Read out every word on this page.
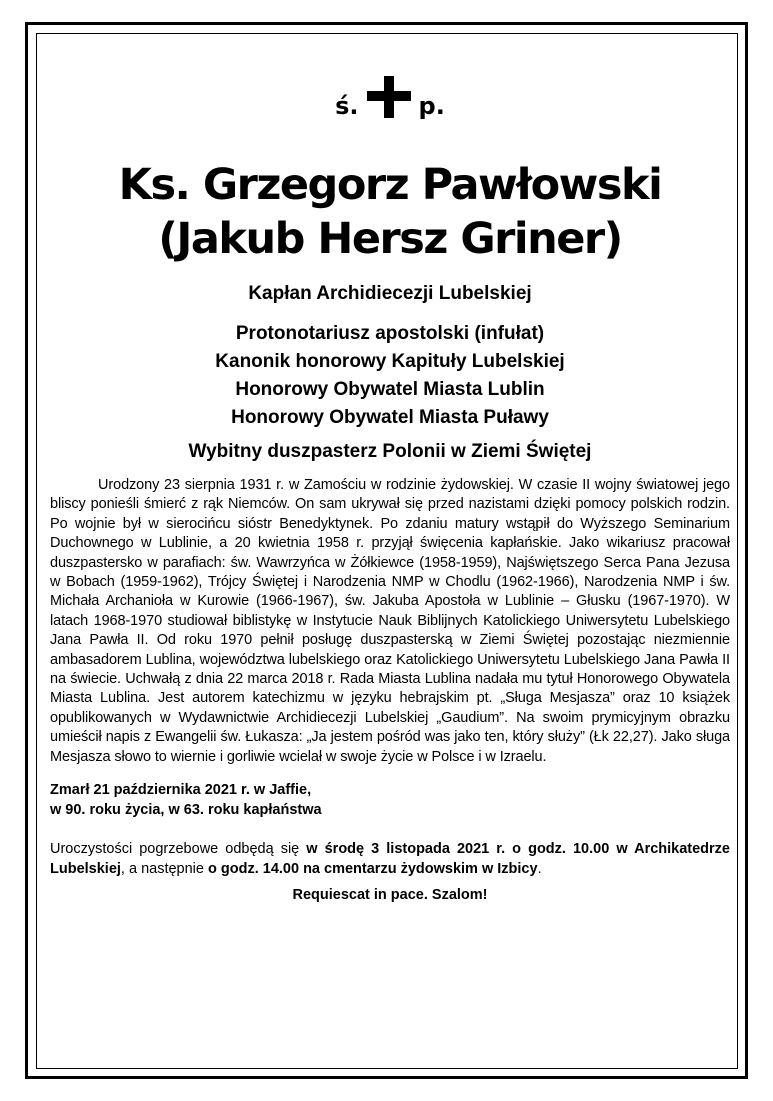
ś.	p.
Ks. Grzegorz Pawłowski
(Jakub Hersz Griner)
Kapłan Archidiecezji Lubelskiej
Protonotariusz apostolski (infułat)
Kanonik honorowy Kapituły Lubelskiej
Honorowy Obywatel Miasta Lublin
Honorowy Obywatel Miasta Puławy
Wybitny duszpasterz Polonii w Ziemi Świętej
Urodzony 23 sierpnia 1931 r. w Zamościu w rodzinie żydowskiej. W czasie II wojny światowej jego bliscy ponieśli śmierć z rąk Niemców. On sam ukrywał się przed nazistami dzięki pomocy polskich rodzin. Po wojnie był w sierocińcu sióstr Benedyktynek. Po zdaniu matury wstąpił do Wyższego Seminarium Duchownego w Lublinie, a 20 kwietnia 1958 r. przyjął święcenia kapłańskie. Jako wikariusz pracował duszpastersko w parafiach: św. Wawrzyńca w Żółkiewce (1958-1959), Najświętszego Serca Pana Jezusa w Bobach (1959-1962), Trójcy Świętej i Narodzenia NMP w Chodlu (1962-1966), Narodzenia NMP i św. Michała Archanioła w Kurowie (1966-1967), św. Jakuba Apostoła w Lublinie – Głusku (1967-1970). W latach 1968-1970 studiował biblistykę w Instytucie Nauk Biblijnych Katolickiego Uniwersytetu Lubelskiego Jana Pawła II. Od roku 1970 pełnił posługę duszpasterską w Ziemi Świętej pozostając niezmiennie ambasadorem Lublina, województwa lubelskiego oraz Katolickiego Uniwersytetu Lubelskiego Jana Pawła II na świecie. Uchwałą z dnia 22 marca 2018 r. Rada Miasta Lublina nadała mu tytuł Honorowego Obywatela Miasta Lublina. Jest autorem katechizmu w języku hebrajskim pt. „Sługa Mesjasza” oraz 10 książek opublikowanych w Wydawnictwie Archidiecezji Lubelskiej „Gaudium”. Na swoim prymicyjnym obrazku umieścił napis z Ewangelii św. Łukasza: „Ja jestem pośród was jako ten, który służy” (Łk 22,27). Jako sługa Mesjasza słowo to wiernie i gorliwie wcielał w swoje życie w Polsce i w Izraelu.
Zmarł 21 października 2021 r. w Jaffie,
w 90. roku życia, w 63. roku kapłaństwa
Uroczystości pogrzebowe odbędą się w środę 3 listopada 2021 r. o godz. 10.00 w Archikatedrze Lubelskiej, a następnie o godz. 14.00 na cmentarzu żydowskim w Izbicy.
Requiescat in pace. Szalom!
